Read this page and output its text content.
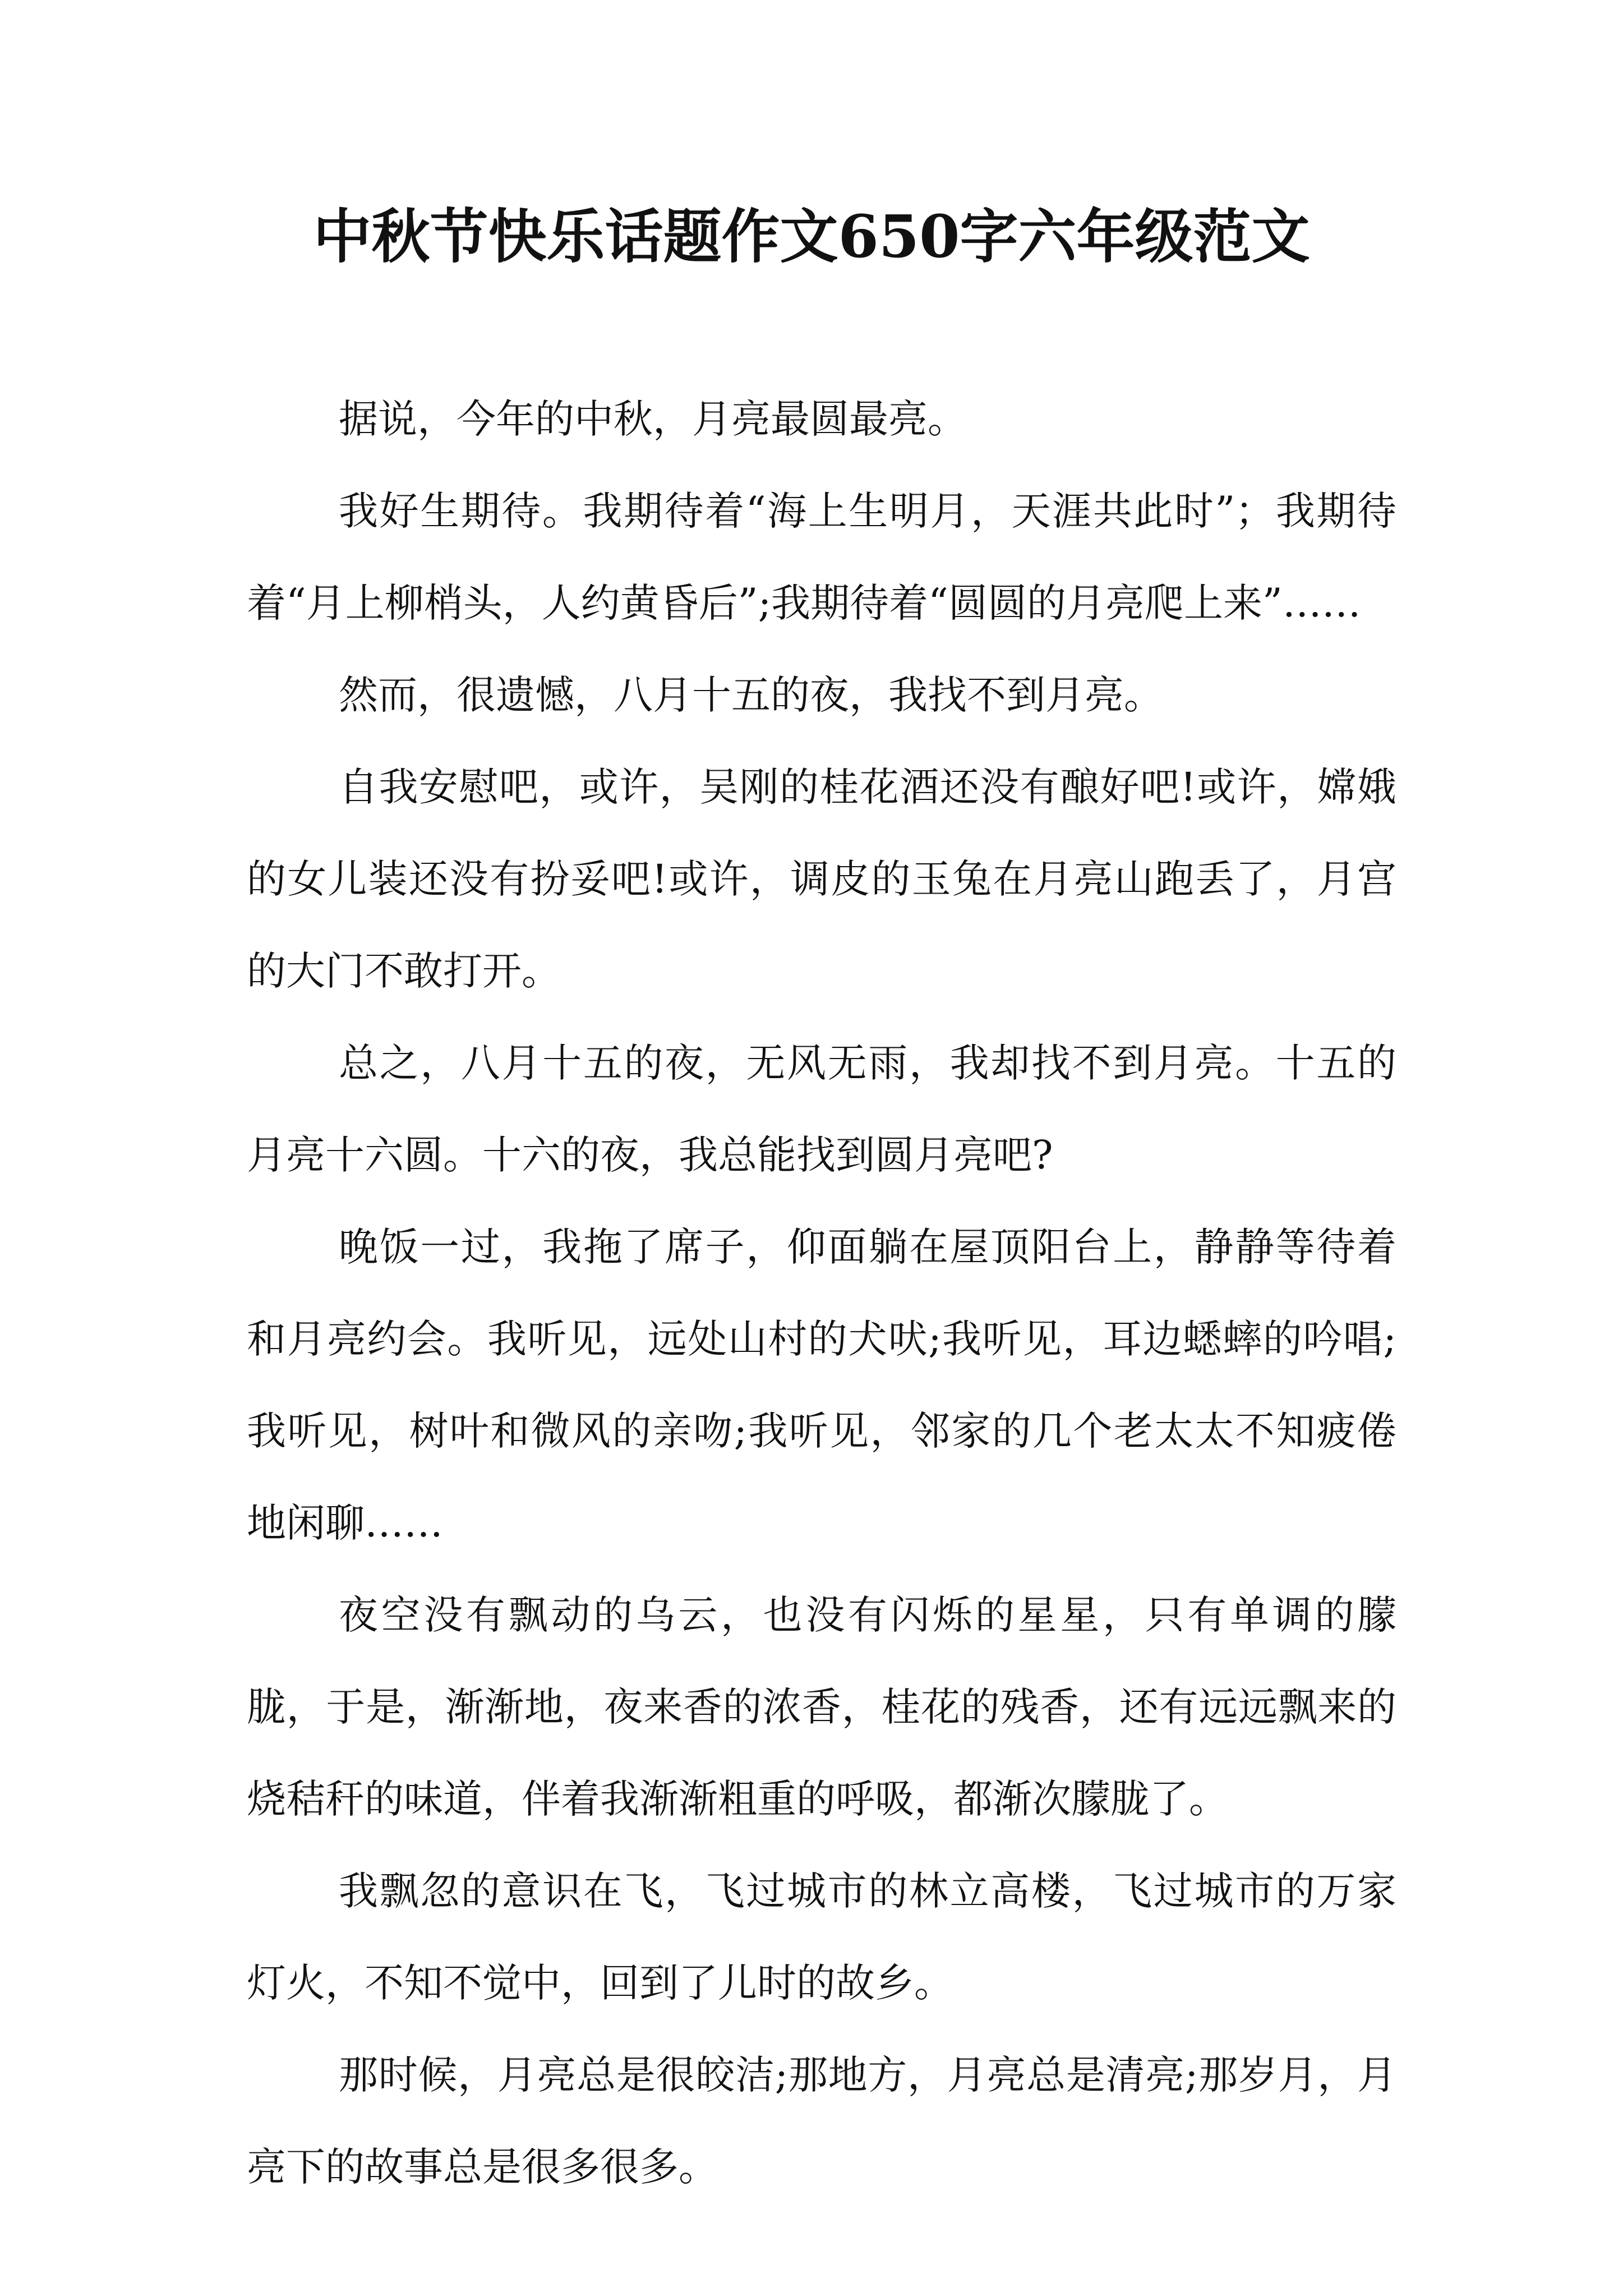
中秋节快乐话题作文650字六年级范文

据说，今年的中秋，月亮最圆最亮。

我好生期待。我期待着“海上生明月，天涯共此时”；我期待着“月上柳梢头，人约黄昏后”;我期待着“圆圆的月亮爬上来”……

然而，很遗憾，八月十五的夜，我找不到月亮。

自我安慰吧，或许，吴刚的桂花酒还没有酿好吧!或许，嫦娥的女儿装还没有扮妥吧!或许，调皮的玉兔在月亮山跑丢了，月宫的大门不敢打开。

总之，八月十五的夜，无风无雨，我却找不到月亮。十五的月亮十六圆。十六的夜，我总能找到圆月亮吧?

晚饭一过，我拖了席子，仰面躺在屋顶阳台上，静静等待着和月亮约会。我听见，远处山村的犬吠;我听见，耳边蟋蟀的吟唱;我听见，树叶和微风的亲吻;我听见，邻家的几个老太太不知疲倦地闲聊……

夜空没有飘动的乌云，也没有闪烁的星星，只有单调的朦胧，于是，渐渐地，夜来香的浓香，桂花的残香，还有远远飘来的烧秸秆的味道，伴着我渐渐粗重的呼吸，都渐次朦胧了。

我飘忽的意识在飞，飞过城市的林立高楼，飞过城市的万家灯火，不知不觉中，回到了儿时的故乡。

那时候，月亮总是很皎洁;那地方，月亮总是清亮;那岁月，月亮下的故事总是很多很多。
